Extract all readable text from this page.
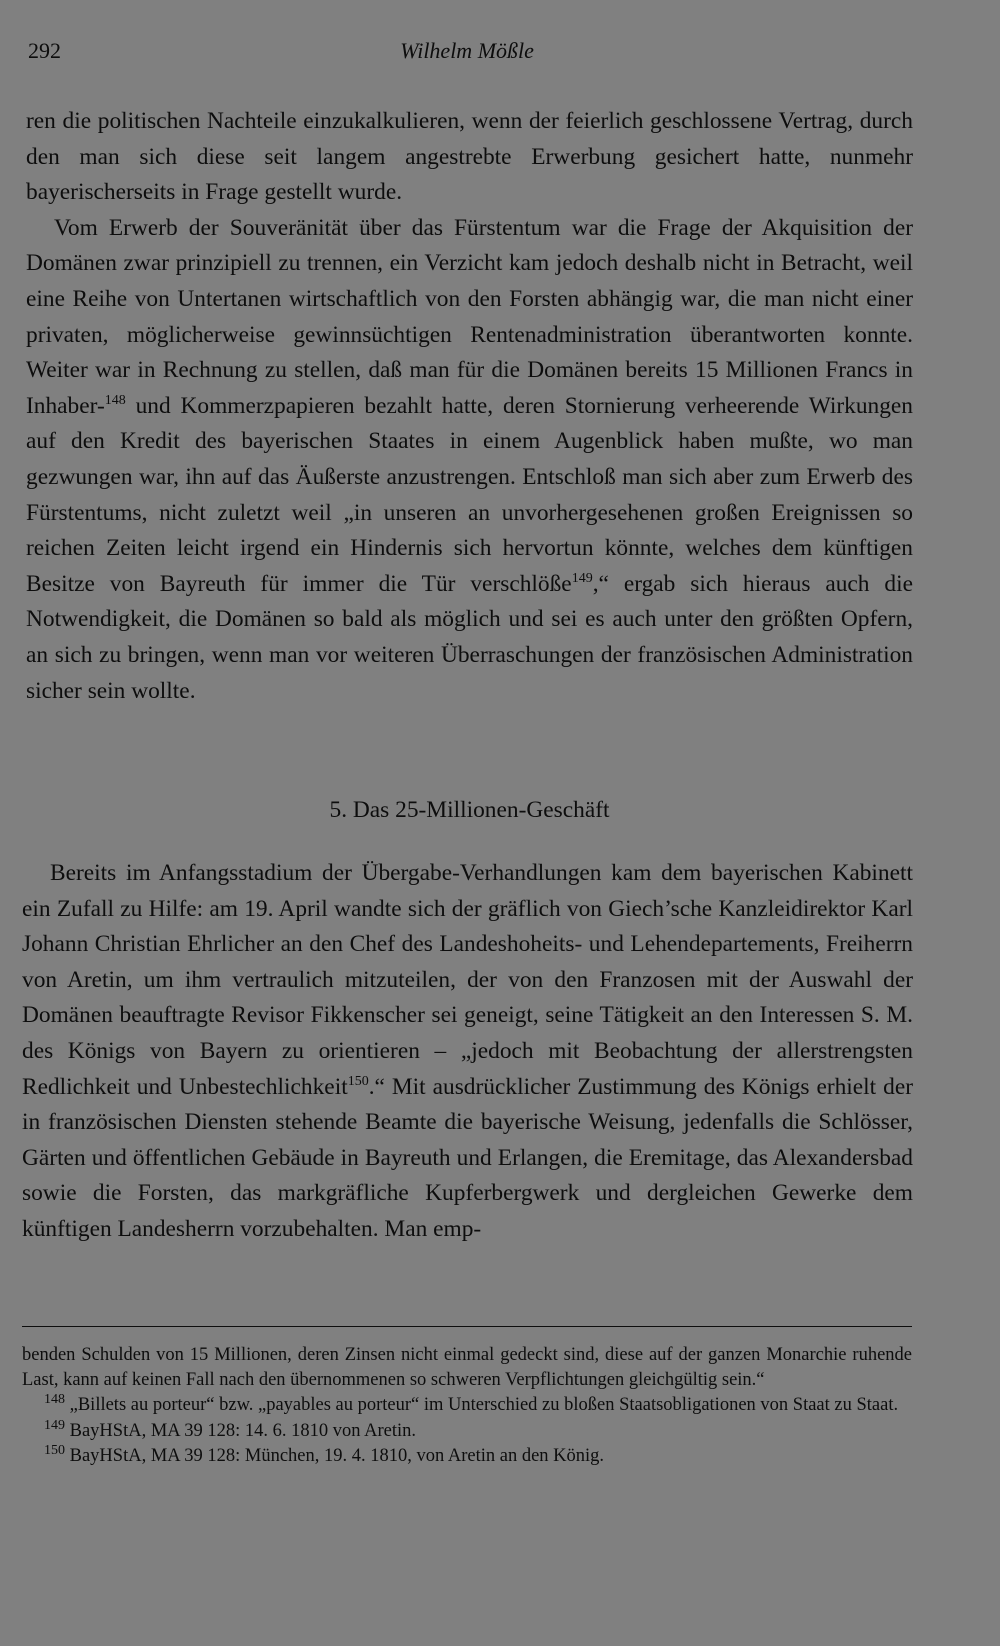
292	Wilhelm Mößle

ren die politischen Nachteile einzukalkulieren, wenn der feierlich geschlossene Vertrag, durch den man sich diese seit langem angestrebte Erwerbung gesichert hatte, nunmehr bayerischerseits in Frage gestellt wurde.

Vom Erwerb der Souveränität über das Fürstentum war die Frage der Akquisition der Domänen zwar prinzipiell zu trennen, ein Verzicht kam jedoch deshalb nicht in Betracht, weil eine Reihe von Untertanen wirtschaftlich von den Forsten abhängig war, die man nicht einer privaten, möglicherweise gewinnsüchtigen Rentenadministration überantworten konnte. Weiter war in Rechnung zu stellen, daß man für die Domänen bereits 15 Millionen Francs in Inhaber-$^{148}$ und Kommerzpapieren bezahlt hatte, deren Stornierung verheerende Wirkungen auf den Kredit des bayerischen Staates in einem Augenblick haben mußte, wo man gezwungen war, ihn auf das Äußerste anzustrengen. Entschloß man sich aber zum Erwerb des Fürstentums, nicht zuletzt weil „in unseren an unvorhergesehenen großen Ereignissen so reichen Zeiten leicht irgend ein Hindernis sich hervortun könnte, welches dem künftigen Besitze von Bayreuth für immer die Tür verschlöße$^{149}$,“ ergab sich hieraus auch die Notwendigkeit, die Domänen so bald als möglich und sei es auch unter den größten Opfern, an sich zu bringen, wenn man vor weiteren Überraschungen der französischen Administration sicher sein wollte.

5. Das 25-Millionen-Geschäft

Bereits im Anfangsstadium der Übergabe-Verhandlungen kam dem bayerischen Kabinett ein Zufall zu Hilfe: am 19. April wandte sich der gräflich von Giech’sche Kanzleidirektor Karl Johann Christian Ehrlicher an den Chef des Landeshoheits- und Lehendepartements, Freiherrn von Aretin, um ihm vertraulich mitzuteilen, der von den Franzosen mit der Auswahl der Domänen beauftragte Revisor Fikkenscher sei geneigt, seine Tätigkeit an den Interessen S. M. des Königs von Bayern zu orientieren – „jedoch mit Beobachtung der allerstrengsten Redlichkeit und Unbestechlichkeit$^{150}$.“ Mit ausdrücklicher Zustimmung des Königs erhielt der in französischen Diensten stehende Beamte die bayerische Weisung, jedenfalls die Schlösser, Gärten und öffentlichen Gebäude in Bayreuth und Erlangen, die Eremitage, das Alexandersbad sowie die Forsten, das markgräfliche Kupferbergwerk und dergleichen Gewerke dem künftigen Landesherrn vorzubehalten. Man emp-

benden Schulden von 15 Millionen, deren Zinsen nicht einmal gedeckt sind, diese auf der ganzen Monarchie ruhende Last, kann auf keinen Fall nach den übernommenen so schweren Verpflichtungen gleichgültig sein.“

$^{148}$ „Billets au porteur“ bzw. „payables au porteur“ im Unterschied zu bloßen Staatsobligationen von Staat zu Staat.

$^{149}$ BayHStA, MA 39 128: 14. 6. 1810 von Aretin.

$^{150}$ BayHStA, MA 39 128: München, 19. 4. 1810, von Aretin an den König.
